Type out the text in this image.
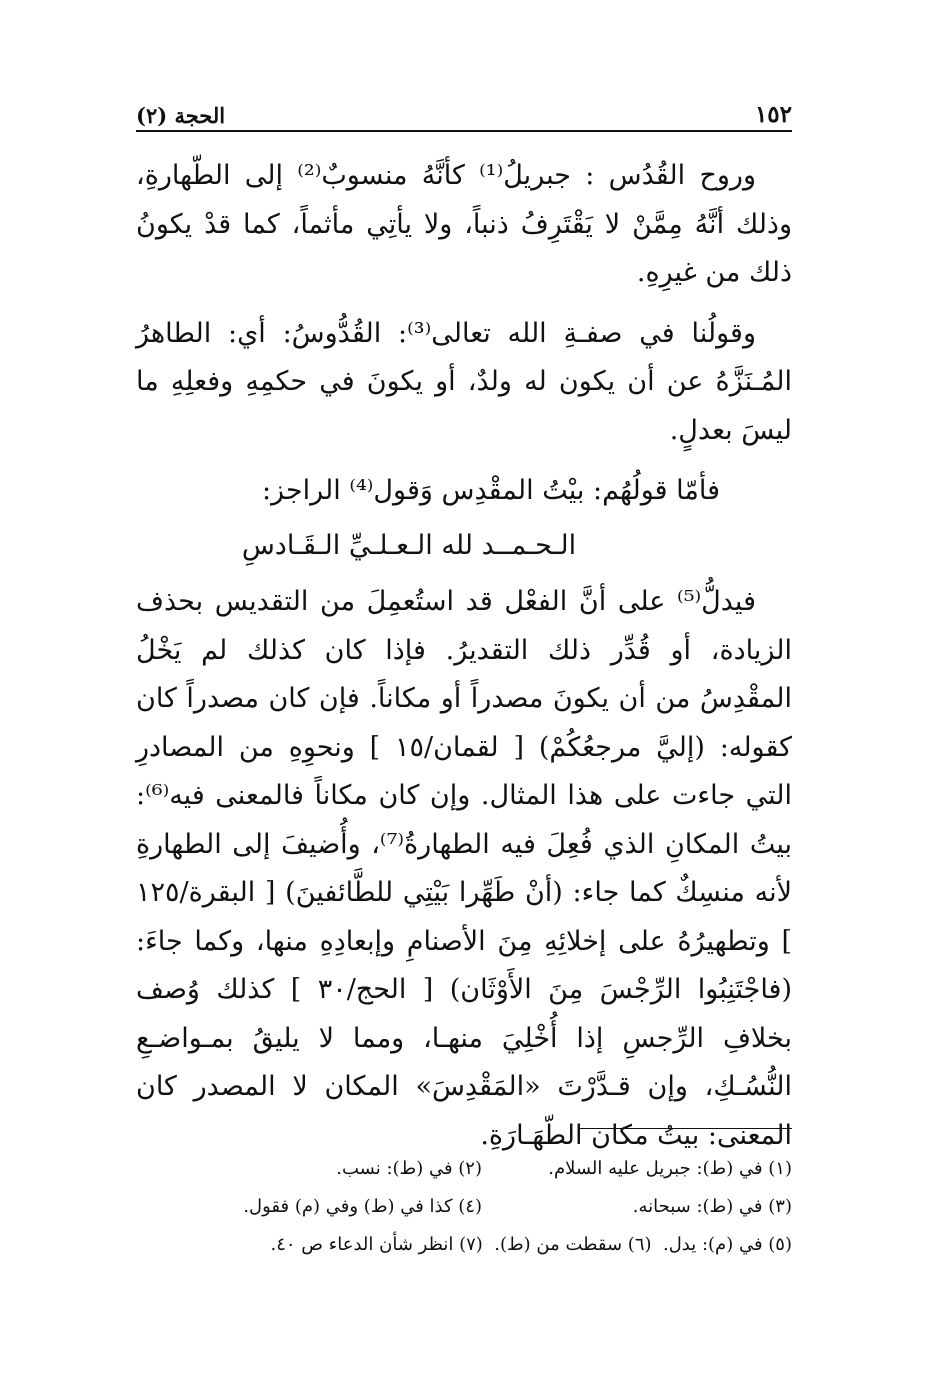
١٥٢
الحجة (٢)

وروح القُدُس : جبريلُ⁽¹⁾ كأنَّهُ منسوبٌ⁽²⁾ إلى الطّهارةِ، وذلك أنَّهُ مِمَّنْ لا يَقْتَرِفُ ذنباً، ولا يأتِي مأثماً، كما قدْ يكونُ ذلك من غيرِهِ.

وقولُنا في صفـةِ الله تعالى⁽³⁾: القُدُّوسُ: أي: الطاهرُ المُـنَزَّهُ عن أن يكون له ولدٌ، أو يكونَ في حكمِهِ وفعلِهِ ما ليسَ بعدلٍ.

فأمّا قولُهُم: بيْتُ المقْدِس وَقول⁽⁴⁾ الراجز:

الـحـمــد لله الـعـلـيِّ الـقَـادسِ

فيدلُّ⁽⁵⁾ على أنَّ الفعْل قد استُعمِلَ من التقديس بحذف الزيادة، أو قُدِّر ذلك التقديرُ. فإذا كان كذلك لم يَخْلُ المقْدِسُ من أن يكونَ مصدراً أو مكاناً. فإن كان مصدراً كان كقوله: (إليَّ مرجعُكُمْ) [ لقمان/١٥ ] ونحوِهِ من المصادرِ التي جاءت على هذا المثال. وإن كان مكاناً فالمعنى فيه⁽⁶⁾: بيتُ المكانِ الذي فُعِلَ فيه الطهارةُ⁽⁷⁾، وأُضيفَ إلى الطهارةِ لأنه منسِكٌ كما جاء: (أنْ طَهِّرا بَيْتِي للطَّائفينَ) [ البقرة/١٢٥ ] وتطهيرُهُ على إخلائِهِ مِنَ الأصنامِ وإبعادِهِ منها، وكما جاءَ: (فاجْتَنِبُوا الرِّجْسَ مِنَ الأَوْثَان) [ الحج/٣٠ ] كذلك وُصف بخلافِ الرِّجسِ إذا أُخْلِيَ منهـا، ومما لا يليقُ بمـواضـعِ النُّسُـكِ، وإن قـدَّرْتَ «المَقْدِسَ» المكان لا المصدر كان المعنى: بيتُ مكان الطّهَـارَةِ.

(١) في (ط): جبريل عليه السلام.
(٢) في (ط): نسب.
(٣) في (ط): سبحانه.
(٤) كذا في (ط) وفي (م) فقول.
(٥) في (م): يدل.

(٦) سقطت من (ط).

(٧) انظر شأن الدعاء ص ٤٠.
